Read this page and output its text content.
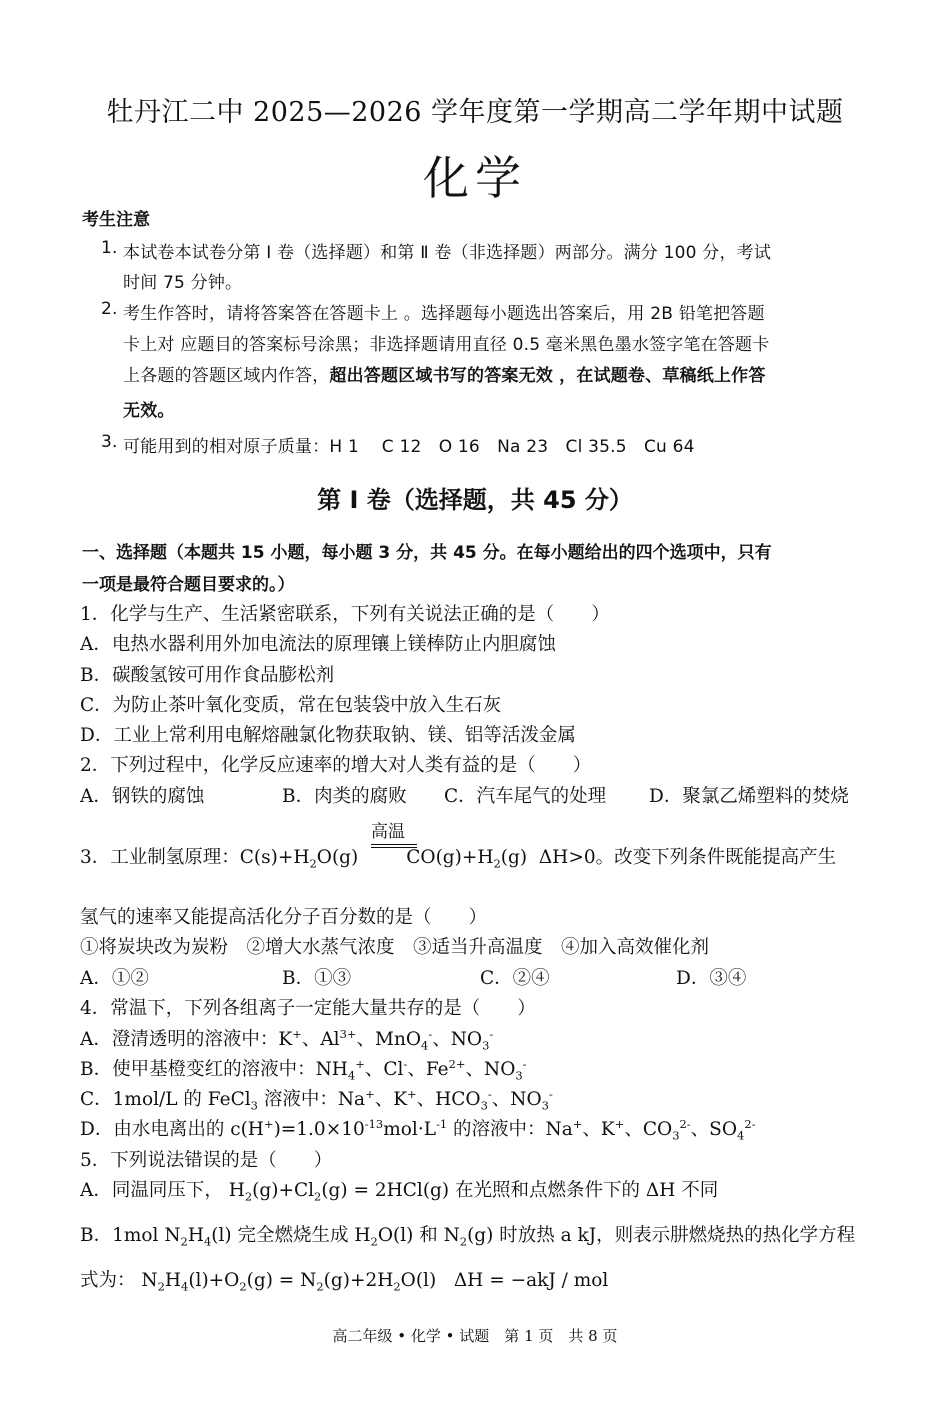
牡丹江二中 2025—2026 学年度第一学期高二学年期中试题
化学
考生注意
1. 本试卷本试卷分第 Ⅰ 卷（选择题）和第 Ⅱ 卷（非选择题）两部分。满分 100 分，考试
时间 75 分钟。
2. 考生作答时，请将答案答在答题卡上 。选择题每小题选出答案后，用 2B 铅笔把答题
卡上对 应题目的答案标号涂黑；非选择题请用直径 0.5 毫米黑色墨水签字笔在答题卡
上各题的答题区域内作答，超出答题区域书写的答案无效 ，在试题卷、草稿纸上作答
无效。
3. 可能用到的相对原子质量：H 1　 C 12　O 16　Na 23　Cl 35.5　Cu 64
第 Ⅰ 卷（选择题，共 45 分）
一、选择题（本题共 15 小题，每小题 3 分，共 45 分。在每小题给出的四个选项中，只有
一项是最符合题目要求的。）
1．化学与生产、生活紧密联系，下列有关说法正确的是（　　）
A．电热水器利用外加电流法的原理镶上镁棒防止内胆腐蚀
B．碳酸氢铵可用作食品膨松剂
C．为防止茶叶氧化变质，常在包装袋中放入生石灰
D．工业上常利用电解熔融氯化物获取钠、镁、铝等活泼金属
2．下列过程中，化学反应速率的增大对人类有益的是（　　）
A．钢铁的腐蚀	B．肉类的腐败 C．汽车尾气的处理 D．聚氯乙烯塑料的焚烧
高温
3．工业制氢原理：$C(s)+H_2O(g)$	$CO(g)+H_2(g)$  ΔH>0。改变下列条件既能提高产生
氢气的速率又能提高活化分子百分数的是（　　）
①将炭块改为炭粉　②增大水蒸气浓度　③适当升高温度　④加入高效催化剂
A．①②	B．①③	C．②④	D．③④
4．常温下，下列各组离子一定能大量共存的是（　　）
A．澄清透明的溶液中：K+、$Al^{3+}$、MnO$_4$-、$NO_3^-$
B．使甲基橙变红的溶液中：$NH_4^+$、Cl-、$Fe^{2+}$、$NO_3^-$
C．1mol/L 的 FeCl$_3$ 溶液中：Na+、K+、$HCO_3^-$、$NO_3^-$
D．由水电离出的 $c(H^+)=1.0\times 10^{-13}mol\cdot L^{-1}$ 的溶液中：Na+、K+、$CO_3^{2-}$、$SO_4^{2-}$
5．下列说法错误的是（　　）
A．同温同压下， $H_2(g)+Cl_2(g) = 2HCl(g)$ 在光照和点燃条件下的 ΔH 不同
B．1mol $N_2H_4(l)$ 完全燃烧生成 $H_2O(l)$ 和 $N_2(g)$ 时放热 a kJ，则表示肼燃烧热的热化学方程
式为： $N_2H_4(l)+O_2(g) = N_2(g)+2H_2O(l) \Delta H = -akJ$ / mol
高二年级 • 化学 • 试题　第 1 页　共 8 页
